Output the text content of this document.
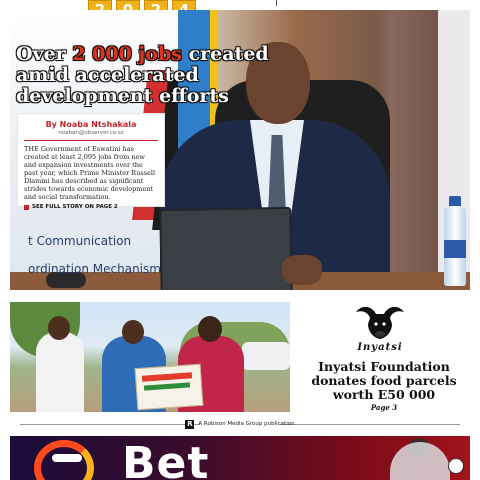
t Communication
ordination Mechanism
Over 2 000 jobs created amid accelerated development efforts

By Noaba Ntshakala

noaban@observer.co.sz

THE Government of Eswatini has created at least 2,095 jobs from new and expansion investments over the past year, which Prime Minister Russell Dlamini has described as significant strides towards economic development and social transformation.

SEE FULL STORY ON PAGE 2

Inyatsi

Inyatsi Foundation donates food parcels worth E50 000

Page 3

R	A Robison Media Group publication

Bet
